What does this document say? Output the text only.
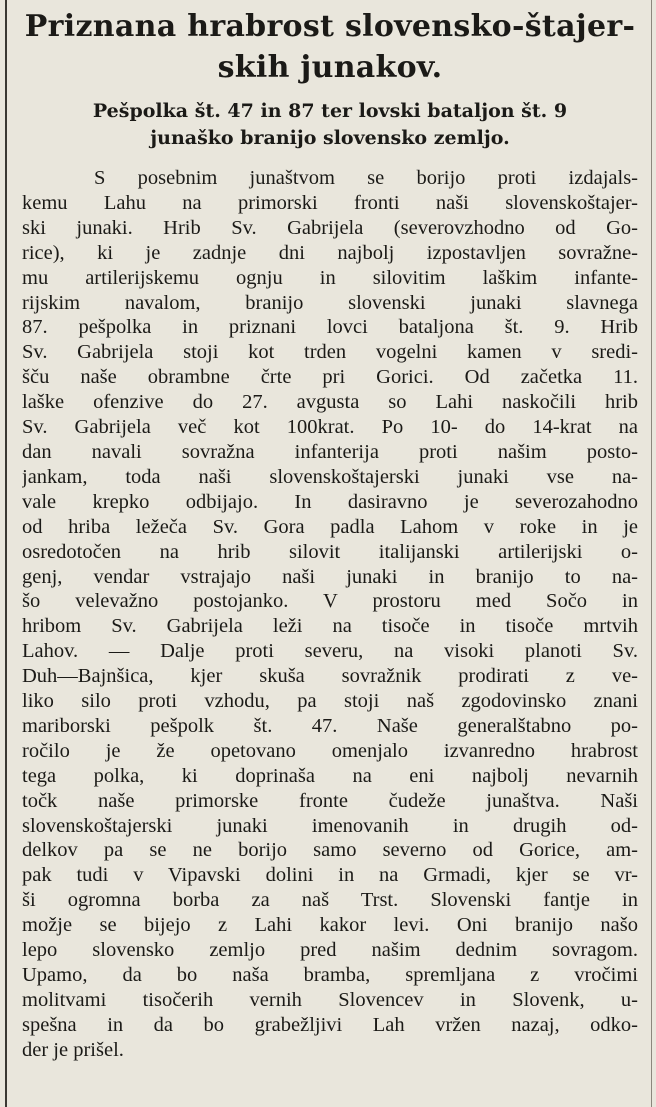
Priznana hrabrost slovensko-štajer-
skih junakov.
Pešpolka št. 47 in 87 ter lovski bataljon št. 9
junaško branijo slovensko zemljo.
S posebnim junaštvom se borijo proti izdajals-
kemu Lahu na primorski fronti naši slovenskoštajer-
ski junaki. Hrib Sv. Gabrijela (severovzhodno od Go-
rice), ki je zadnje dni najbolj izpostavljen sovražne-
mu artilerijskemu ognju in silovitim laškim infante-
rijskim navalom, branijo slovenski junaki slavnega
87. pešpolka in priznani lovci bataljona št. 9. Hrib
Sv. Gabrijela stoji kot trden vogelni kamen v sredi-
šču naše obrambne črte pri Gorici. Od začetka 11.
laške ofenzive do 27. avgusta so Lahi naskočili hrib
Sv. Gabrijela več kot 100krat. Po 10- do 14-krat na
dan navali sovražna infanterija proti našim posto-
jankam, toda naši slovenskoštajerski junaki vse na-
vale krepko odbijajo. In dasiravno je severozahodno
od hriba ležeča Sv. Gora padla Lahom v roke in je
osredotočen na hrib silovit italijanski artilerijski o-
genj, vendar vstrajajo naši junaki in branijo to na-
šo velevažno postojanko. V prostoru med Sočo in
hribom Sv. Gabrijela leži na tisoče in tisoče mrtvih
Lahov. — Dalje proti severu, na visoki planoti Sv.
Duh—Bajnšica, kjer skuša sovražnik prodirati z ve-
liko silo proti vzhodu, pa stoji naš zgodovinsko znani
mariborski pešpolk št. 47. Naše generalštabno po-
ročilo je že opetovano omenjalo izvanredno hrabrost
tega polka, ki doprinaša na eni najbolj nevarnih
točk naše primorske fronte čudeže junaštva. Naši
slovenskoštajerski junaki imenovanih in drugih od-
delkov pa se ne borijo samo severno od Gorice, am-
pak tudi v Vipavski dolini in na Grmadi, kjer se vr-
ši ogromna borba za naš Trst. Slovenski fantje in
možje se bijejo z Lahi kakor levi. Oni branijo našo
lepo slovensko zemljo pred našim dednim sovragom.
Upamo, da bo naša bramba, spremljana z vročimi
molitvami tisočerih vernih Slovencev in Slovenk, u-
spešna in da bo grabežljivi Lah vržen nazaj, odko-
der je prišel.
